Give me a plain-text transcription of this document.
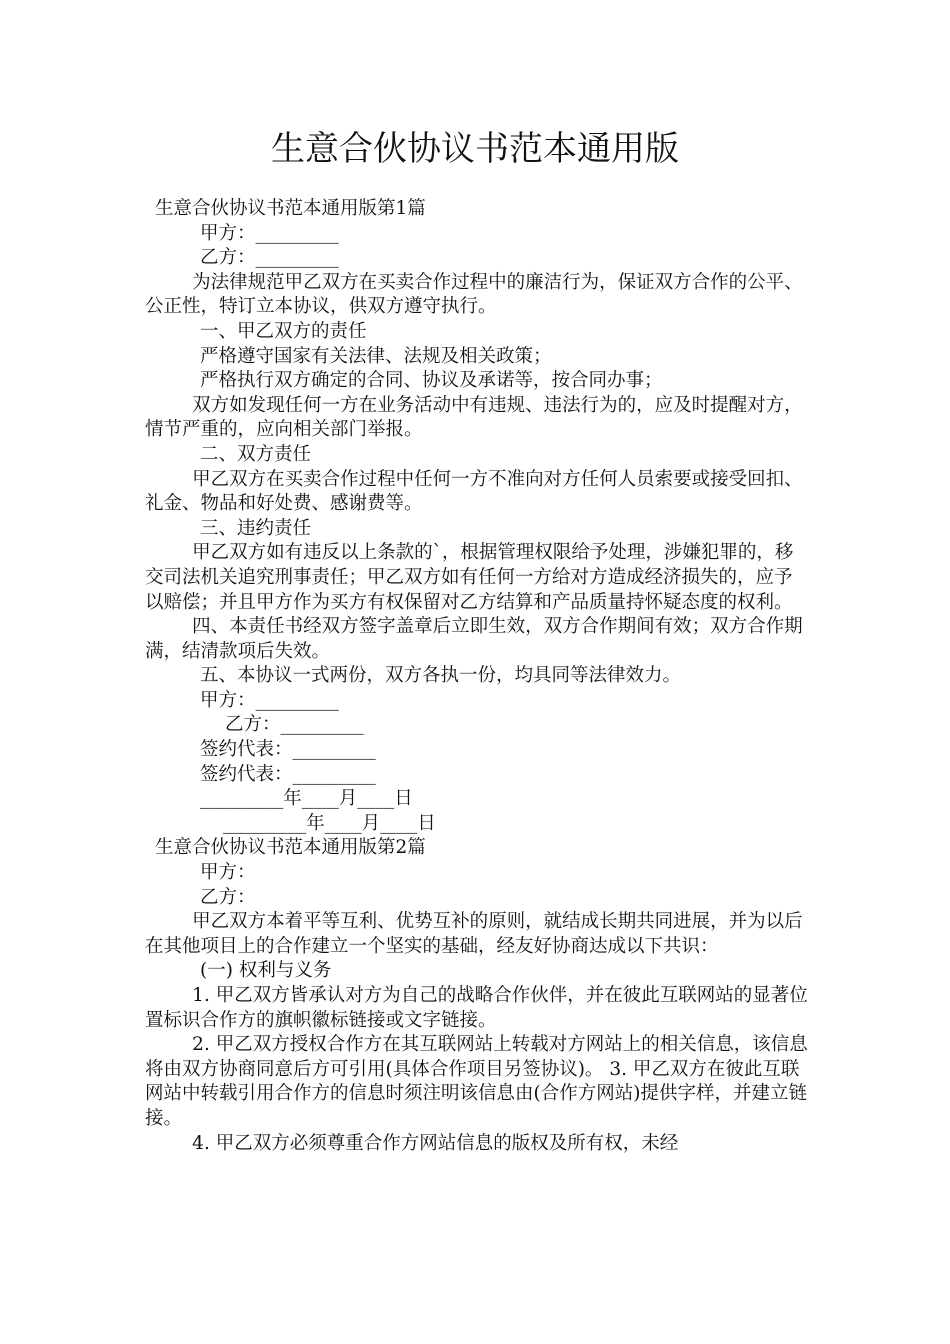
生意合伙协议书范本通用版
生意合伙协议书范本通用版第1篇
甲方：_________
乙方：_________

为法律规范甲乙双方在买卖合作过程中的廉洁行为，保证双方合作的公平、公正性，特订立本协议，供双方遵守执行。

一、甲乙双方的责任
严格遵守国家有关法律、法规及相关政策；
严格执行双方确定的合同、协议及承诺等，按合同办事；

双方如发现任何一方在业务活动中有违规、违法行为的，应及时提醒对方，情节严重的，应向相关部门举报。

二、双方责任

甲乙双方在买卖合作过程中任何一方不准向对方任何人员索要或接受回扣、礼金、物品和好处费、感谢费等。

三、违约责任

甲乙双方如有违反以上条款的`，根据管理权限给予处理，涉嫌犯罪的，移交司法机关追究刑事责任；甲乙双方如有任何一方给对方造成经济损失的，应予以赔偿；并且甲方作为买方有权保留对乙方结算和产品质量持怀疑态度的权利。

四、本责任书经双方签字盖章后立即生效，双方合作期间有效；双方合作期满，结清款项后失效。

五、本协议一式两份，双方各执一份，均具同等法律效力。
甲方：_________
乙方：_________
签约代表：_________
签约代表：_________
_________年____月____日
_________年____月____日
生意合伙协议书范本通用版第2篇
甲方：
乙方：

甲乙双方本着平等互利、优势互补的原则，就结成长期共同进展，并为以后在其他项目上的合作建立一个坚实的基础，经友好协商达成以下共识：

(一) 权利与义务

1. 甲乙双方皆承认对方为自己的战略合作伙伴，并在彼此互联网站的显著位置标识合作方的旗帜徽标链接或文字链接。

2. 甲乙双方授权合作方在其互联网站上转载对方网站上的相关信息，该信息将由双方协商同意后方可引用(具体合作项目另签协议)。 3. 甲乙双方在彼此互联网站中转载引用合作方的信息时须注明该信息由(合作方网站)提供字样，并建立链接。

4. 甲乙双方必须尊重合作方网站信息的版权及所有权，未经
